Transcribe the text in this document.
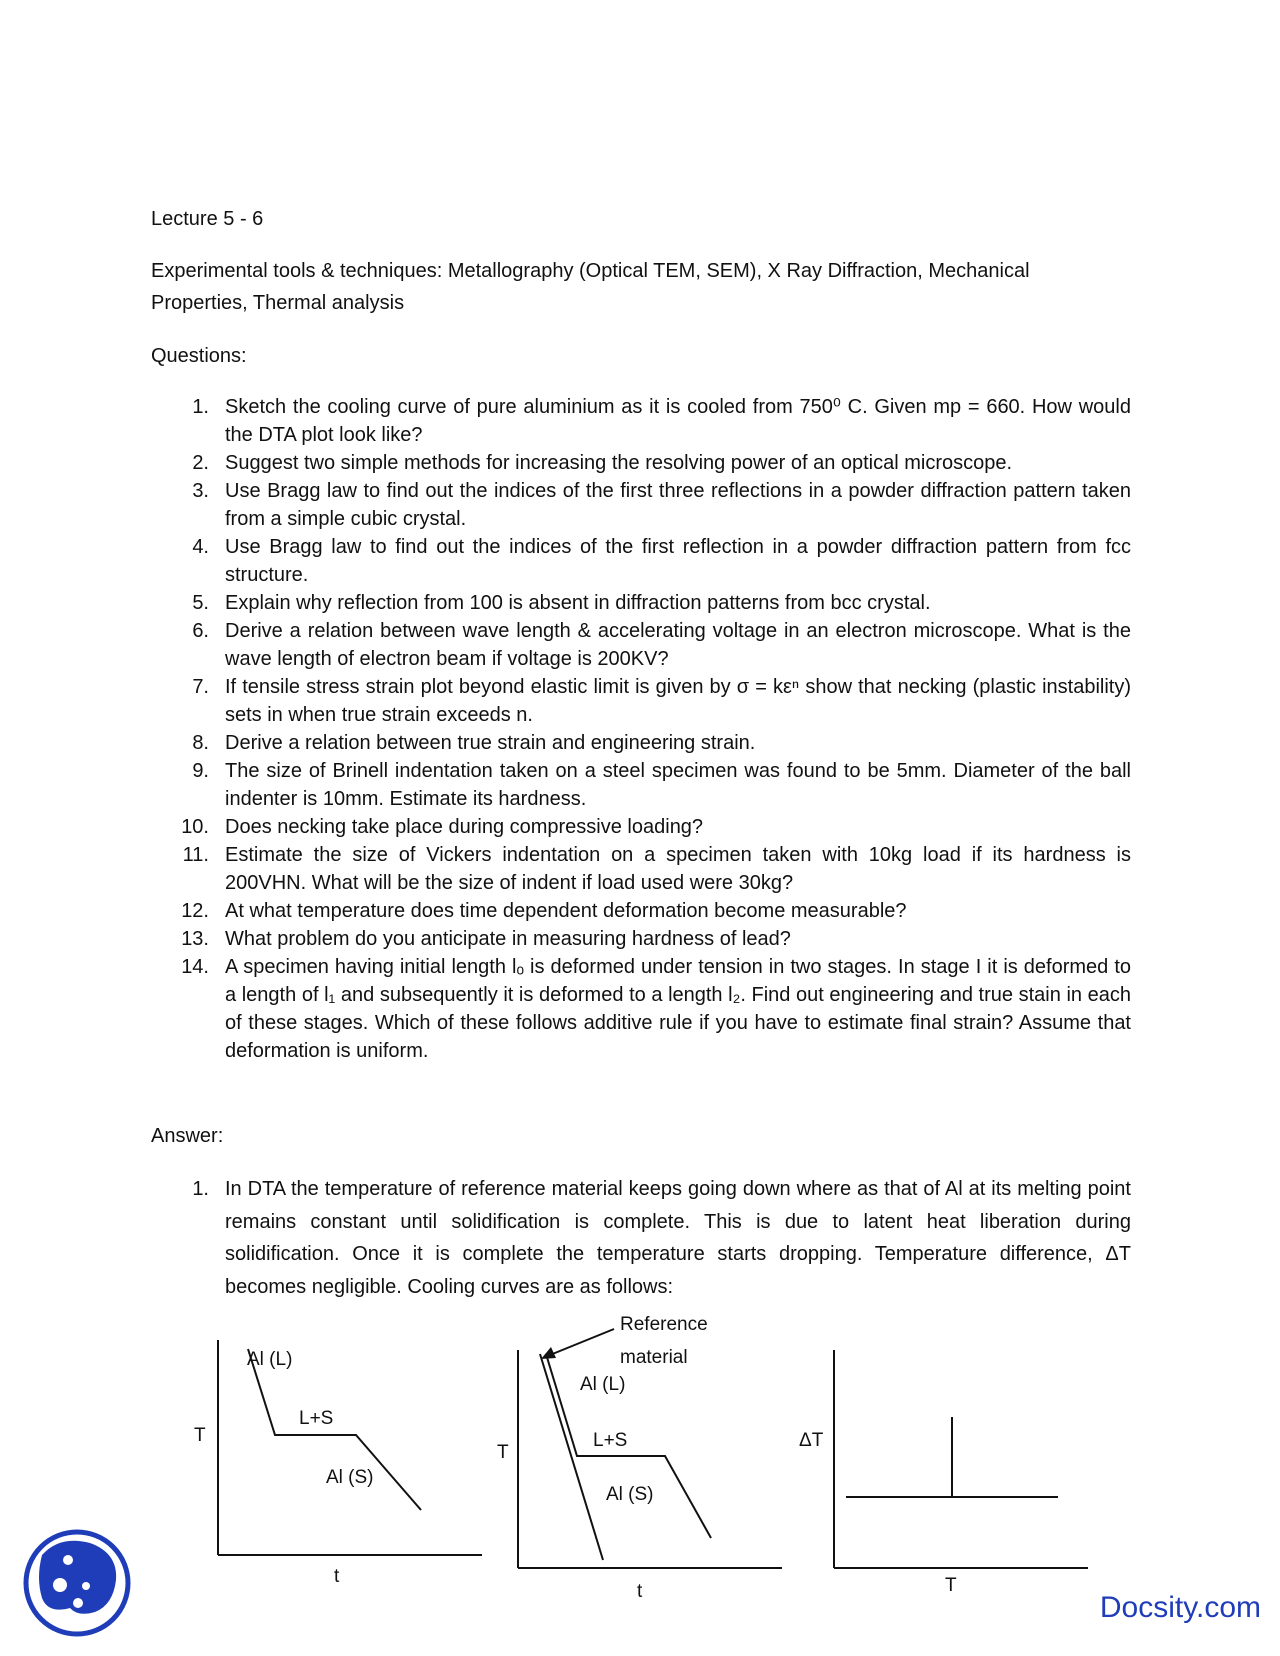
Lecture 5 - 6

Experimental tools & techniques: Metallography (Optical TEM, SEM), X Ray Diffraction, Mechanical

Properties, Thermal analysis

Questions:

1. Sketch the cooling curve of pure aluminium as it is cooled from 750⁰ C. Given mp = 660. How would the DTA plot look like?
2. Suggest two simple methods for increasing the resolving power of an optical microscope.
3. Use Bragg law to find out the indices of the first three reflections in a powder diffraction pattern taken from a simple cubic crystal.
4. Use Bragg law to find out the indices of the first reflection in a powder diffraction pattern from fcc structure.
5. Explain why reflection from 100 is absent in diffraction patterns from bcc crystal.
6. Derive a relation between wave length & accelerating voltage in an electron microscope. What is the wave length of electron beam if voltage is 200KV?
7. If tensile stress strain plot beyond elastic limit is given by σ = kεⁿ show that necking (plastic instability) sets in when true strain exceeds n.
8. Derive a relation between true strain and engineering strain.
9. The size of Brinell indentation taken on a steel specimen was found to be 5mm. Diameter of the ball indenter is 10mm. Estimate its hardness.
10. Does necking take place during compressive loading?
11. Estimate the size of Vickers indentation on a specimen taken with 10kg load if its hardness is 200VHN. What will be the size of indent if load used were 30kg?
12. At what temperature does time dependent deformation become measurable?
13. What problem do you anticipate in measuring hardness of lead?
14. A specimen having initial length lₒ is deformed under tension in two stages. In stage I it is deformed to a length of l₁ and subsequently it is deformed to a length l₂. Find out engineering and true stain in each of these stages. Which of these follows additive rule if you have to estimate final strain? Assume that deformation is uniform.

Answer:

1. In DTA the temperature of reference material keeps going down where as that of Al at its melting point remains constant until solidification is complete. This is due to latent heat liberation during solidification. Once it is complete the temperature starts dropping. Temperature difference, ΔT becomes negligible. Cooling curves are as follows:
T
t
Al (L)
L+S
Al (S)
Reference
material
T
t
Al (L)
L+S
Al (S)
ΔT
T
Docsity.com
